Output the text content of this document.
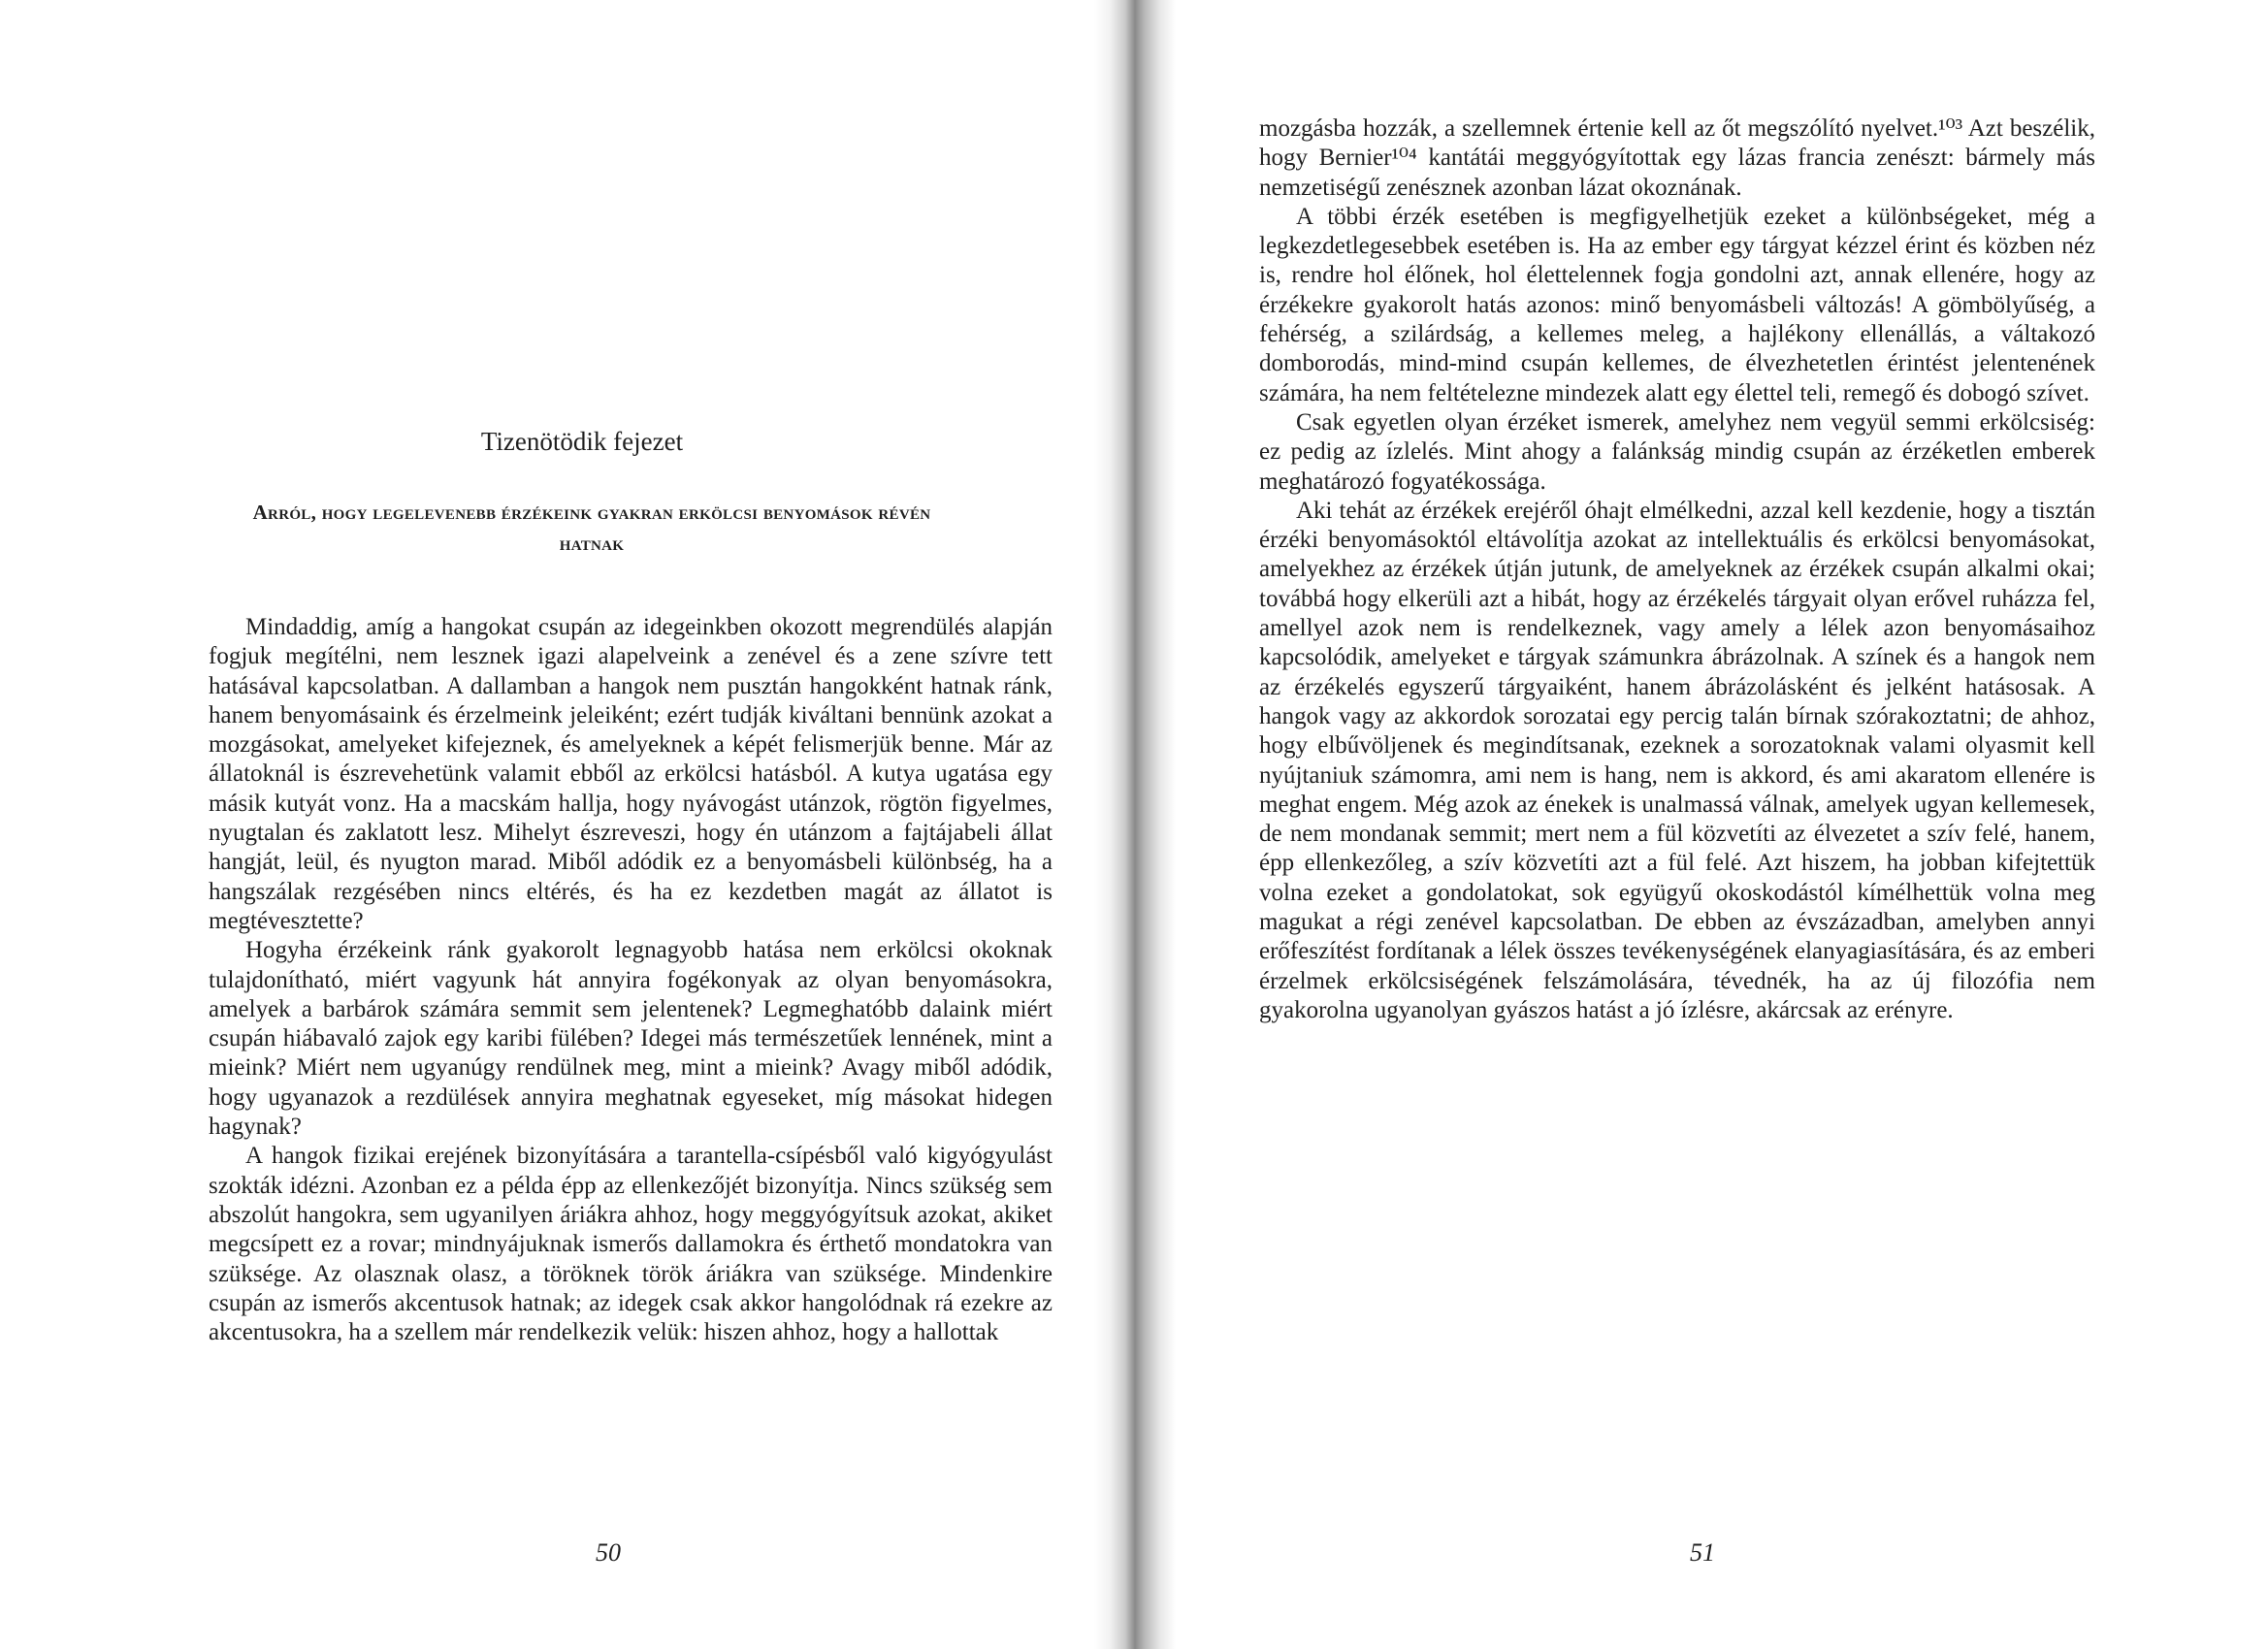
Tizenötödik fejezet
Arról, hogy legelevenebb érzékeink gyakran erkölcsi benyomások révén hatnak

Mindaddig, amíg a hangokat csupán az idegeinkben okozott megrendülés alapján fogjuk megítélni, nem lesznek igazi alapelveink a zenével és a zene szívre tett hatásával kapcsolatban. A dallamban a hangok nem pusztán hangokként hatnak ránk, hanem benyomásaink és érzelmeink jeleiként; ezért tudják kiváltani bennünk azokat a mozgásokat, amelyeket kifejeznek, és amelyeknek a képét felismerjük benne. Már az állatoknál is észrevehetünk valamit ebből az erkölcsi hatásból. A kutya ugatása egy másik kutyát vonz. Ha a macskám hallja, hogy nyávogást utánzok, rögtön figyelmes, nyugtalan és zaklatott lesz. Mihelyt észreveszi, hogy én utánzom a fajtájabeli állat hangját, leül, és nyugton marad. Miből adódik ez a benyomásbeli különbség, ha a hangszálak rezgésében nincs eltérés, és ha ez kezdetben magát az állatot is megtévesztette?

Hogyha érzékeink ránk gyakorolt legnagyobb hatása nem erkölcsi okoknak tulajdonítható, miért vagyunk hát annyira fogékonyak az olyan benyomásokra, amelyek a barbárok számára semmit sem jelentenek? Legmeghatóbb dalaink miért csupán hiábavaló zajok egy karibi fülében? Idegei más természetűek lennének, mint a mieink? Miért nem ugyanúgy rendülnek meg, mint a mieink? Avagy miből adódik, hogy ugyanazok a rezdülések annyira meghatnak egyeseket, míg másokat hidegen hagynak?

A hangok fizikai erejének bizonyítására a tarantella-csípésből való kigyógyulást szokták idézni. Azonban ez a példa épp az ellenkezőjét bizonyítja. Nincs szükség sem abszolút hangokra, sem ugyanilyen áriákra ahhoz, hogy meggyógyítsuk azokat, akiket megcsípett ez a rovar; mindnyájuknak ismerős dallamokra és érthető mondatokra van szüksége. Az olasznak olasz, a töröknek török áriákra van szüksége. Mindenkire csupán az ismerős akcentusok hatnak; az idegek csak akkor hangolódnak rá ezekre az akcentusokra, ha a szellem már rendelkezik velük: hiszen ahhoz, hogy a hallottak

50	51

mozgásba hozzák, a szellemnek értenie kell az őt megszólító nyelvet.¹⁰³ Azt beszélik, hogy Bernier¹⁰⁴ kantátái meggyógyítottak egy lázas francia zenészt: bármely más nemzetiségű zenésznek azonban lázat okoznának.

A többi érzék esetében is megfigyelhetjük ezeket a különbségeket, még a legkezdetlegesebbek esetében is. Ha az ember egy tárgyat kézzel érint és közben néz is, rendre hol élőnek, hol élettelennek fogja gondolni azt, annak ellenére, hogy az érzékekre gyakorolt hatás azonos: minő benyomásbeli változás! A gömbölyűség, a fehérség, a szilárdság, a kellemes meleg, a hajlékony ellenállás, a váltakozó domborodás, mind-mind csupán kellemes, de élvezhetetlen érintést jelentenének számára, ha nem feltételezne mindezek alatt egy élettel teli, remegő és dobogó szívet.

Csak egyetlen olyan érzéket ismerek, amelyhez nem vegyül semmi erkölcsiség: ez pedig az ízlelés. Mint ahogy a falánkság mindig csupán az érzéketlen emberek meghatározó fogyatékossága.

Aki tehát az érzékek erejéről óhajt elmélkedni, azzal kell kezdenie, hogy a tisztán érzéki benyomásoktól eltávolítja azokat az intellektuális és erkölcsi benyomásokat, amelyekhez az érzékek útján jutunk, de amelyeknek az érzékek csupán alkalmi okai; továbbá hogy elkerüli azt a hibát, hogy az érzékelés tárgyait olyan erővel ruházza fel, amellyel azok nem is rendelkeznek, vagy amely a lélek azon benyomásaihoz kapcsolódik, amelyeket e tárgyak számunkra ábrázolnak. A színek és a hangok nem az érzékelés egyszerű tárgyaiként, hanem ábrázolásként és jelként hatásosak. A hangok vagy az akkordok sorozatai egy percig talán bírnak szórakoztatni; de ahhoz, hogy elbűvöljenek és megindítsanak, ezeknek a sorozatoknak valami olyasmit kell nyújtaniuk számomra, ami nem is hang, nem is akkord, és ami akaratom ellenére is meghat engem. Még azok az énekek is unalmassá válnak, amelyek ugyan kellemesek, de nem mondanak semmit; mert nem a fül közvetíti az élvezetet a szív felé, hanem, épp ellenkezőleg, a szív közvetíti azt a fül felé. Azt hiszem, ha jobban kifejtettük volna ezeket a gondolatokat, sok együgyű okoskodástól kímélhettük volna meg magukat a régi zenével kapcsolatban. De ebben az évszázadban, amelyben annyi erőfeszítést fordítanak a lélek összes tevékenységének elanyagiasítására, és az emberi érzelmek erkölcsiségének felszámolására, tévednék, ha az új filozófia nem gyakorolna ugyanolyan gyászos hatást a jó ízlésre, akárcsak az erényre.
